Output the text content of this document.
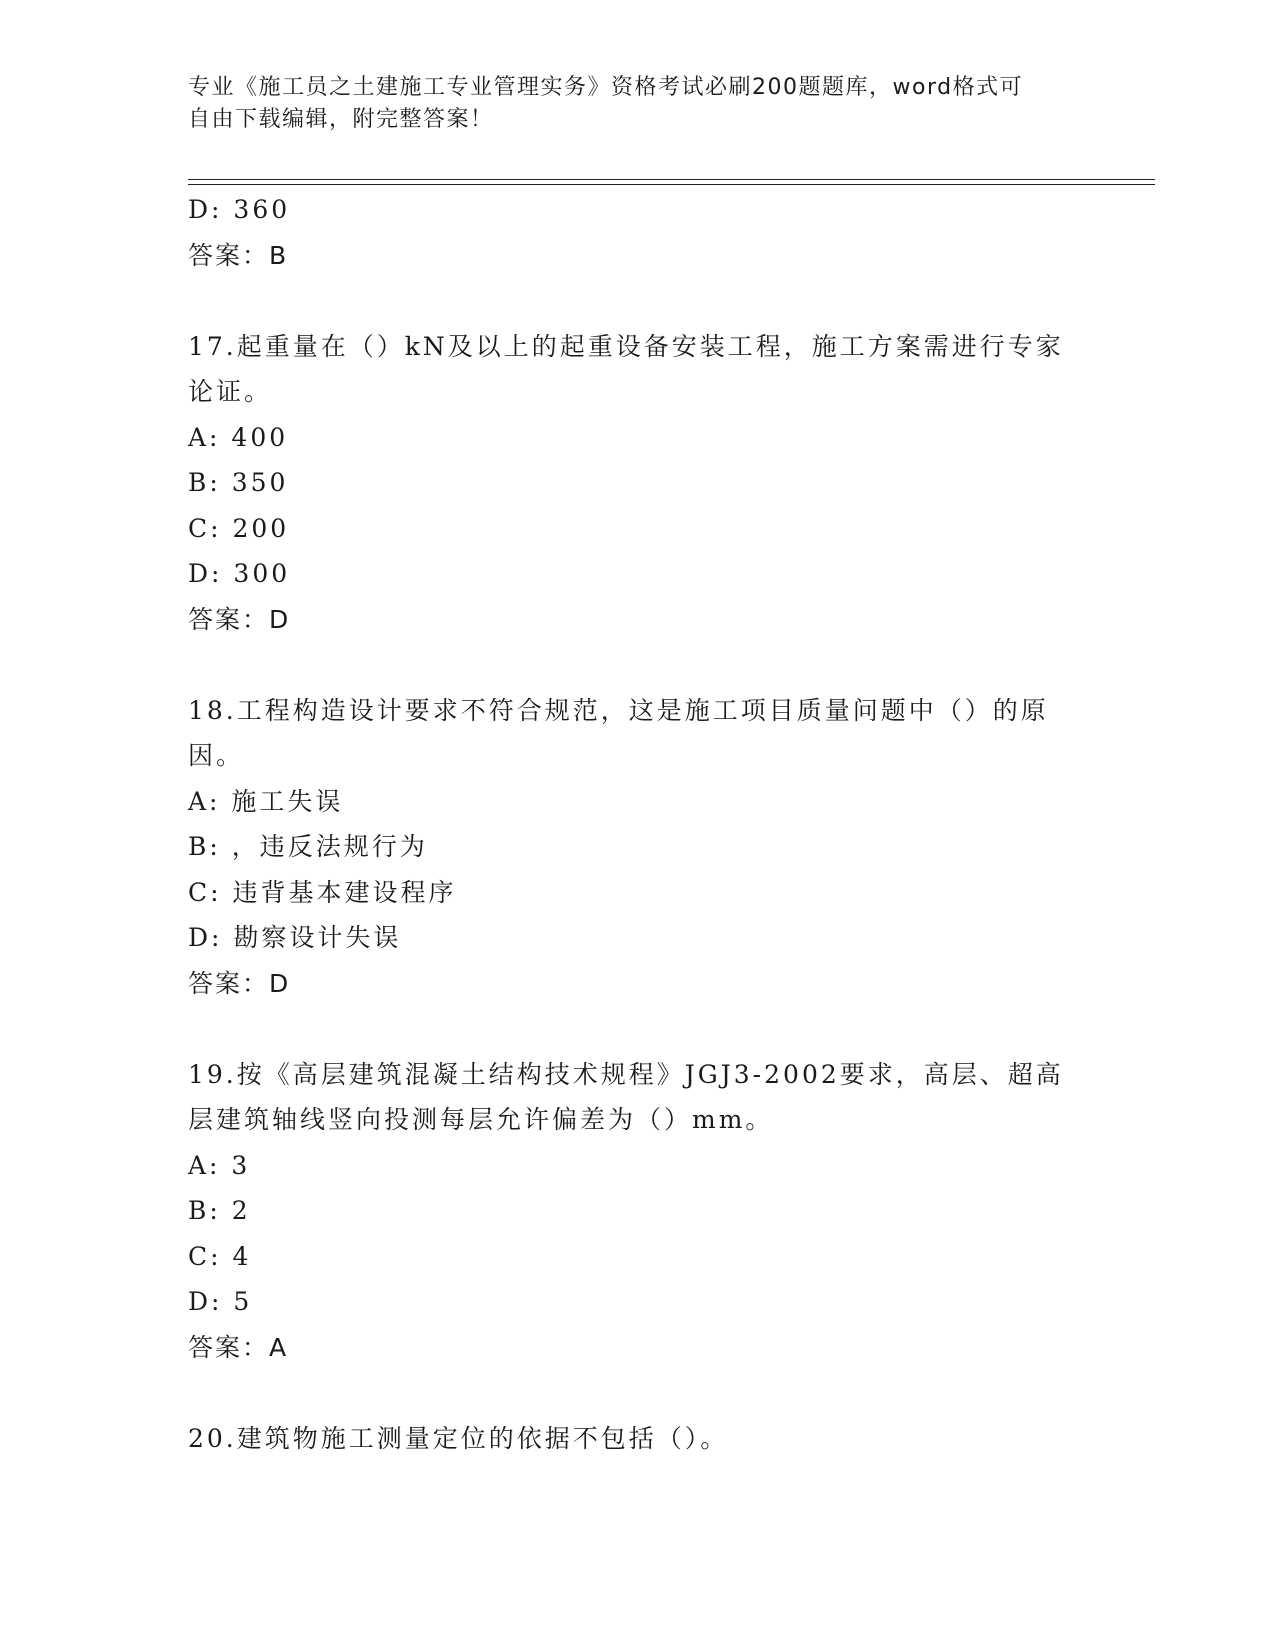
专业《施工员之土建施工专业管理实务》资格考试必刷200题题库，word格式可
自由下载编辑，附完整答案！

D: 360

答案：B

17.起重量在（）kN及以上的起重设备安装工程，施工方案需进行专家

论证。

A: 400

B: 350

C: 200

D: 300

答案：D

18.工程构造设计要求不符合规范，这是施工项目质量问题中（）的原

因。

A: 施工失误

B: ，违反法规行为

C: 违背基本建设程序

D: 勘察设计失误

答案：D

19.按《高层建筑混凝土结构技术规程》JGJ3-2002要求，高层、超高

层建筑轴线竖向投测每层允许偏差为（）mm。

A: 3

B: 2

C: 4

D: 5

答案：A

20.建筑物施工测量定位的依据不包括（）。
